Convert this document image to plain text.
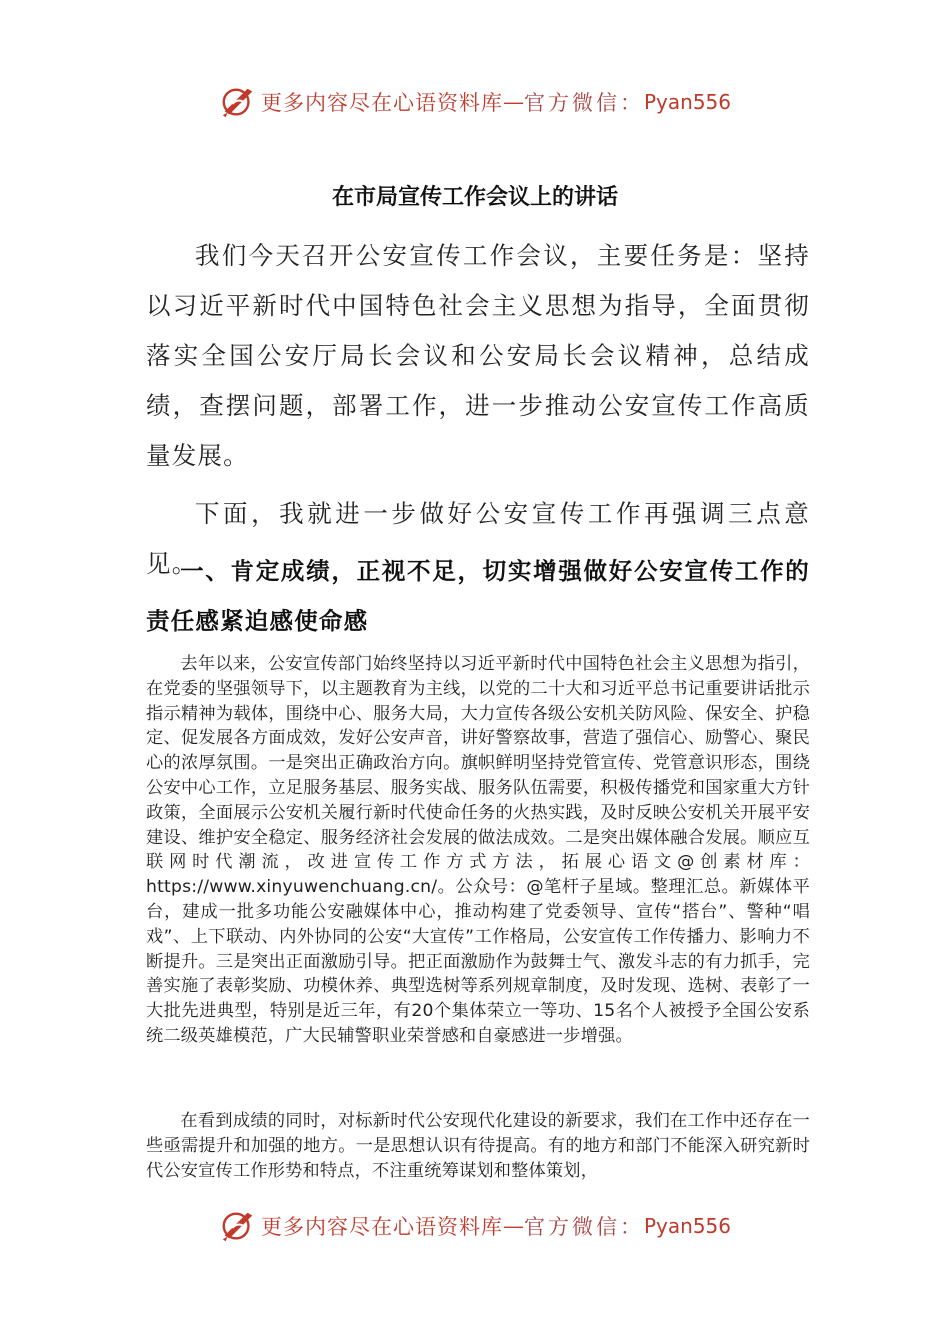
更多内容尽在心语资料库 — 官方微信： Pyan556
在市局宣传工作会议上的讲话

我们今天召开公安宣传工作会议，主要任务是：坚持以习近平新时代中国特色社会主义思想为指导，全面贯彻落实全国公安厅局长会议和公安局长会议精神，总结成绩，查摆问题，部署工作，进一步推动公安宣传工作高质量发展。

下面，我就进一步做好公安宣传工作再强调三点意见。

一、肯定成绩，正视不足，切实增强做好公安宣传工作的责任感紧迫感使命感

去年以来，公安宣传部门始终坚持以习近平新时代中国特色社会主义思想为指引，在党委的坚强领导下，以主题教育为主线，以党的二十大和习近平总书记重要讲话批示指示精神为载体，围绕中心、服务大局，大力宣传各级公安机关防风险、保安全、护稳定、促发展各方面成效，发好公安声音，讲好警察故事，营造了强信心、励警心、聚民心的浓厚氛围。一是突出正确政治方向。旗帜鲜明坚持党管宣传、党管意识形态，围绕公安中心工作，立足服务基层、服务实战、服务队伍需要，积极传播党和国家重大方针政策，全面展示公安机关履行新时代使命任务的火热实践，及时反映公安机关开展平安建设、维护安全稳定、服务经济社会发展的做法成效。二是突出媒体融合发展。顺应互联网时代潮流，改进宣传工作方式方法，拓展心语文@创素材库：https://www.xinyuwenchuang.cn/。公众号：@笔杆子星域。整理汇总。新媒体平台，建成一批多功能公安融媒体中心，推动构建了党委领导、宣传“搭台”、警种“唱戏”、上下联动、内外协同的公安“大宣传”工作格局，公安宣传工作传播力、影响力不断提升。三是突出正面激励引导。把正面激励作为鼓舞士气、激发斗志的有力抓手，完善实施了表彰奖励、功模休养、典型选树等系列规章制度，及时发现、选树、表彰了一大批先进典型，特别是近三年，有20个集体荣立一等功、15名个人被授予全国公安系统二级英雄模范，广大民辅警职业荣誉感和自豪感进一步增强。

在看到成绩的同时，对标新时代公安现代化建设的新要求，我们在工作中还存在一些亟需提升和加强的地方。一是思想认识有待提高。有的地方和部门不能深入研究新时代公安宣传工作形势和特点，不注重统筹谋划和整体策划，

更多内容尽在心语资料库 — 官方微信： Pyan556
